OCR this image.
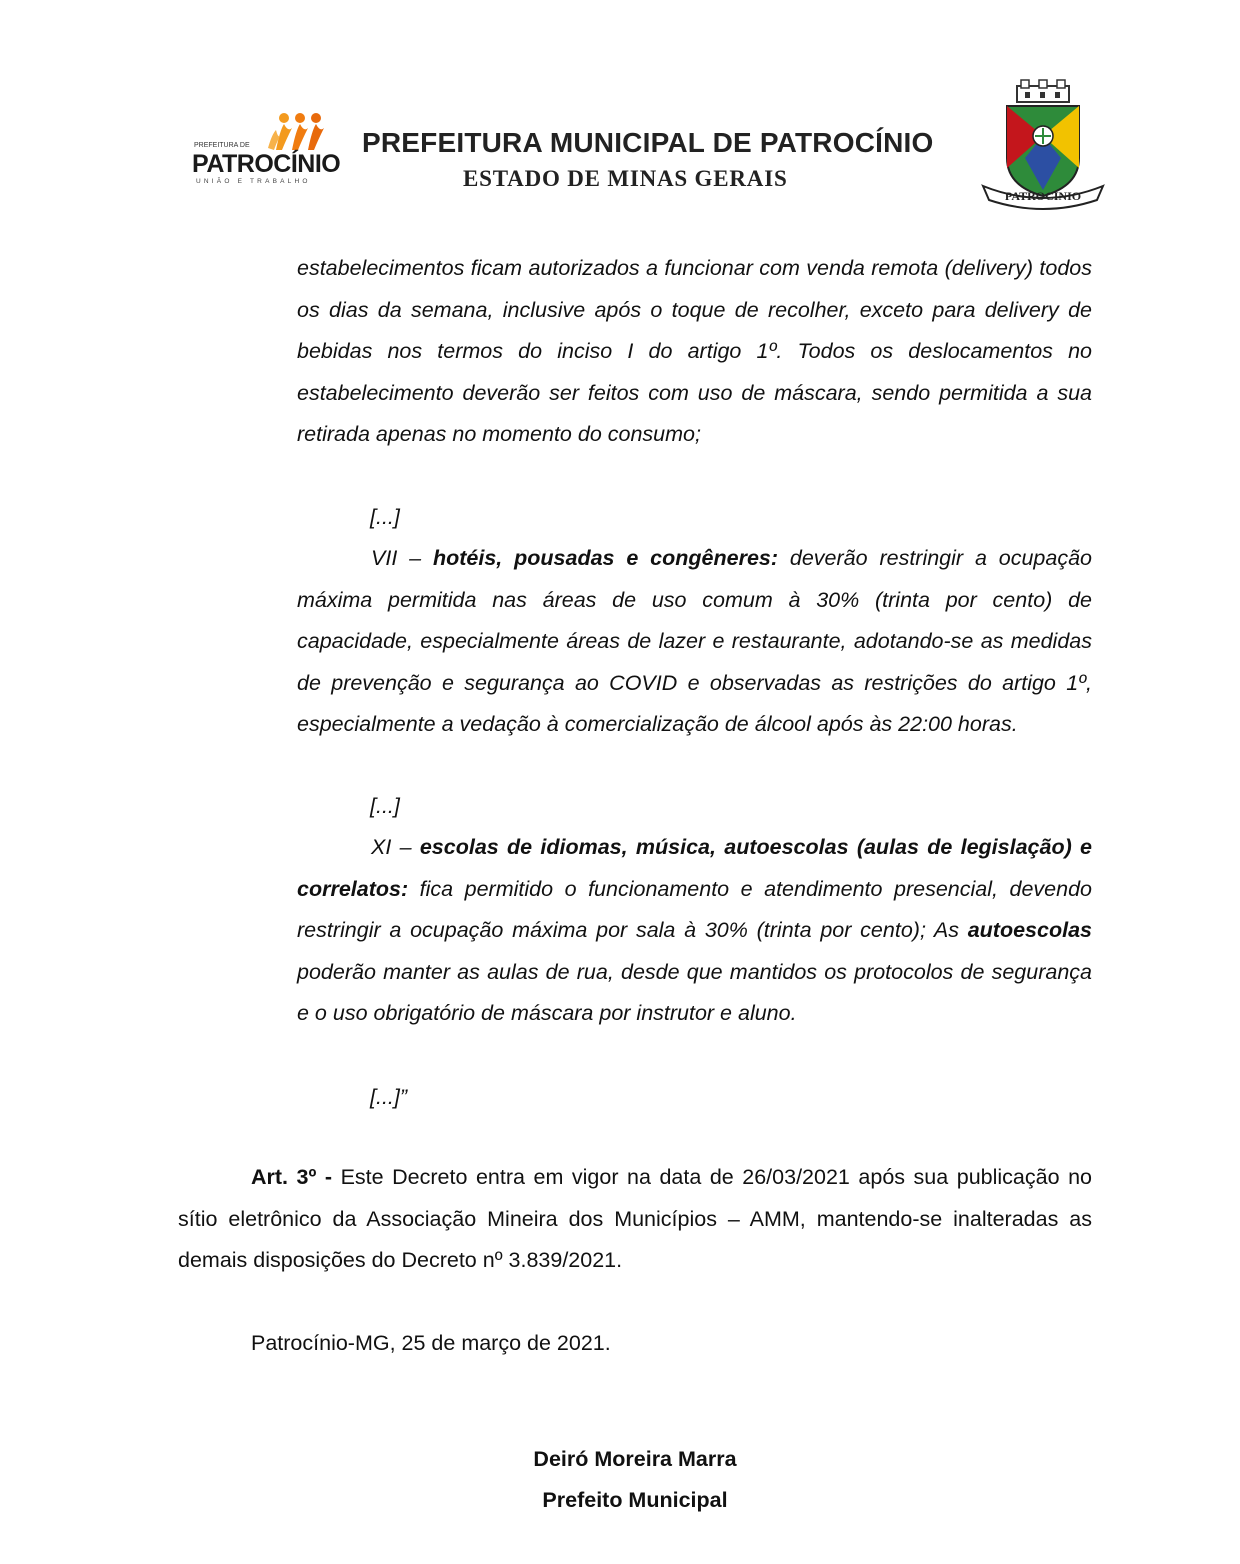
PREFEITURA DE
PATROCÍNIO
UNIÃO E TRABALHO
PREFEITURA MUNICIPAL DE PATROCÍNIO
ESTADO DE MINAS GERAIS
PATROCÍNIO

estabelecimentos ficam autorizados a funcionar com venda remota (delivery) todos os dias da semana, inclusive após o toque de recolher, exceto para delivery de bebidas nos termos do inciso I do artigo 1º. Todos os deslocamentos no estabelecimento deverão ser feitos com uso de máscara, sendo permitida a sua retirada apenas no momento do consumo;

[...]

VII – hotéis, pousadas e congêneres: deverão restringir a ocupação máxima permitida nas áreas de uso comum à 30% (trinta por cento) de capacidade, especialmente áreas de lazer e restaurante, adotando-se as medidas de prevenção e segurança ao COVID e observadas as restrições do artigo 1º, especialmente a vedação à comercialização de álcool após às 22:00 horas.

[...]

XI – escolas de idiomas, música, autoescolas (aulas de legislação) e correlatos: fica permitido o funcionamento e atendimento presencial, devendo restringir a ocupação máxima por sala à 30% (trinta por cento); As autoescolas poderão manter as aulas de rua, desde que mantidos os protocolos de segurança e o uso obrigatório de máscara por instrutor e aluno.

[...]”

Art. 3º - Este Decreto entra em vigor na data de 26/03/2021 após sua publicação no sítio eletrônico da Associação Mineira dos Municípios – AMM, mantendo-se inalteradas as demais disposições do Decreto nº 3.839/2021.

Patrocínio-MG, 25 de março de 2021.

Deiró Moreira Marra

Prefeito Municipal
